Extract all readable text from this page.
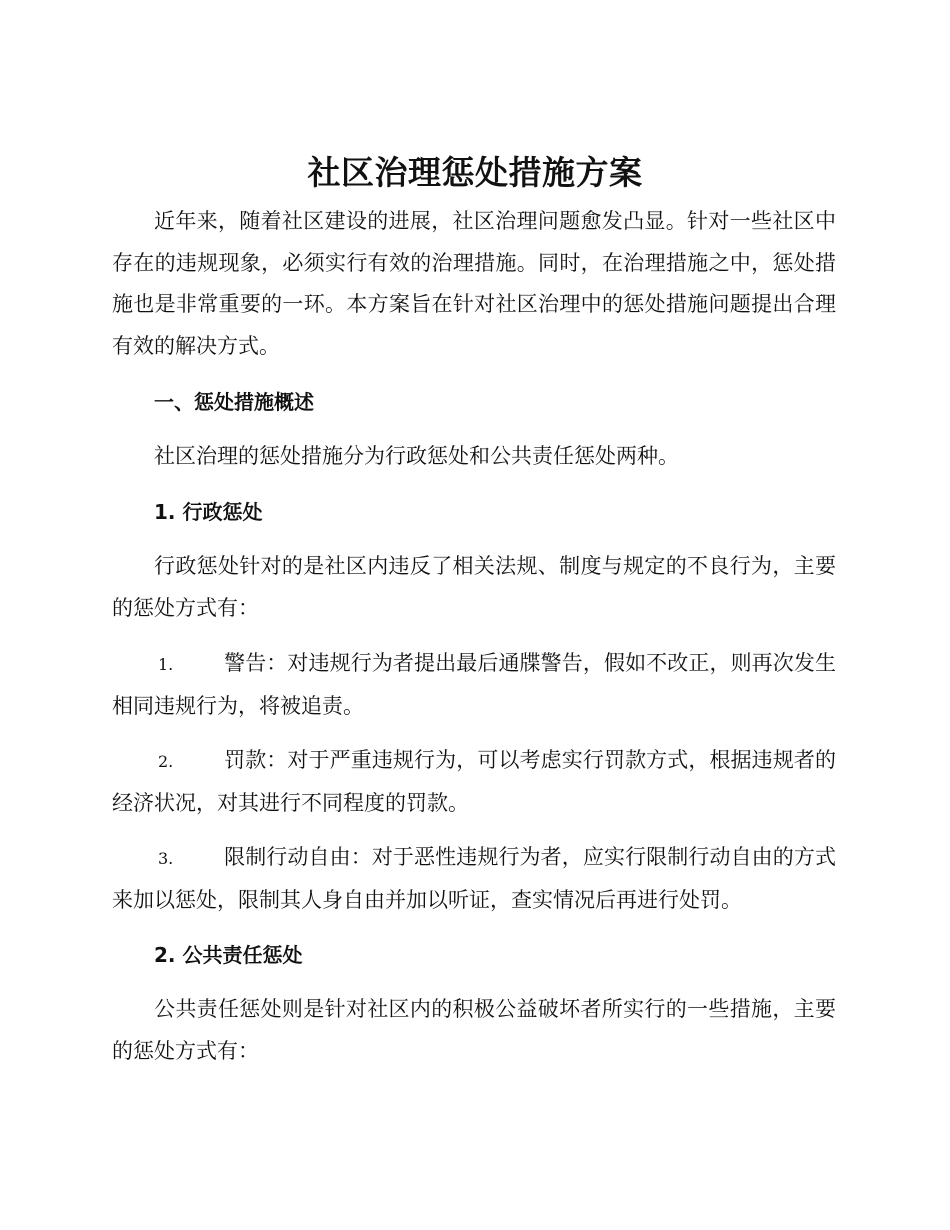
社区治理惩处措施方案
近年来，随着社区建设的进展，社区治理问题愈发凸显。针对一些社区中存在的违规现象，必须实行有效的治理措施。同时，在治理措施之中，惩处措施也是非常重要的一环。本方案旨在针对社区治理中的惩处措施问题提出合理有效的解决方式。
一、惩处措施概述
社区治理的惩处措施分为行政惩处和公共责任惩处两种。
1. 行政惩处
行政惩处针对的是社区内违反了相关法规、制度与规定的不良行为，主要的惩处方式有：
1. 警告：对违规行为者提出最后通牒警告，假如不改正，则再次发生相同违规行为，将被追责。
2. 罚款：对于严重违规行为，可以考虑实行罚款方式，根据违规者的经济状况，对其进行不同程度的罚款。
3. 限制行动自由：对于恶性违规行为者，应实行限制行动自由的方式来加以惩处，限制其人身自由并加以听证，查实情况后再进行处罚。
2. 公共责任惩处
公共责任惩处则是针对社区内的积极公益破坏者所实行的一些措施，主要的惩处方式有：
